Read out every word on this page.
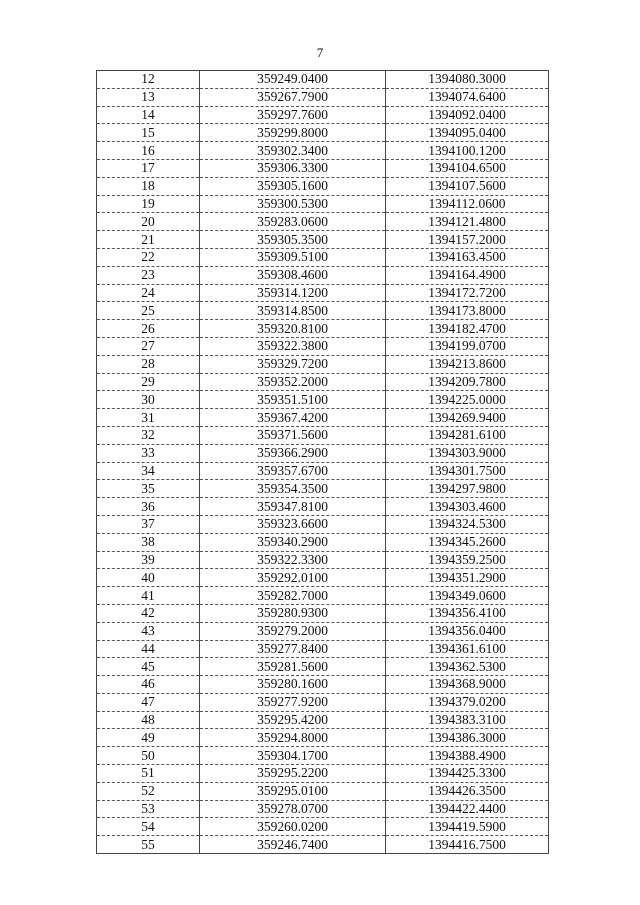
7
12	359249.0400	1394080.3000
13	359267.7900	1394074.6400
14	359297.7600	1394092.0400
15	359299.8000	1394095.0400
16	359302.3400	1394100.1200
17	359306.3300	1394104.6500
18	359305.1600	1394107.5600
19	359300.5300	1394112.0600
20	359283.0600	1394121.4800
21	359305.3500	1394157.2000
22	359309.5100	1394163.4500
23	359308.4600	1394164.4900
24	359314.1200	1394172.7200
25	359314.8500	1394173.8000
26	359320.8100	1394182.4700
27	359322.3800	1394199.0700
28	359329.7200	1394213.8600
29	359352.2000	1394209.7800
30	359351.5100	1394225.0000
31	359367.4200	1394269.9400
32	359371.5600	1394281.6100
33	359366.2900	1394303.9000
34	359357.6700	1394301.7500
35	359354.3500	1394297.9800
36	359347.8100	1394303.4600
37	359323.6600	1394324.5300
38	359340.2900	1394345.2600
39	359322.3300	1394359.2500
40	359292.0100	1394351.2900
41	359282.7000	1394349.0600
42	359280.9300	1394356.4100
43	359279.2000	1394356.0400
44	359277.8400	1394361.6100
45	359281.5600	1394362.5300
46	359280.1600	1394368.9000
47	359277.9200	1394379.0200
48	359295.4200	1394383.3100
49	359294.8000	1394386.3000
50	359304.1700	1394388.4900
51	359295.2200	1394425.3300
52	359295.0100	1394426.3500
53	359278.0700	1394422.4400
54	359260.0200	1394419.5900
55	359246.7400	1394416.7500
